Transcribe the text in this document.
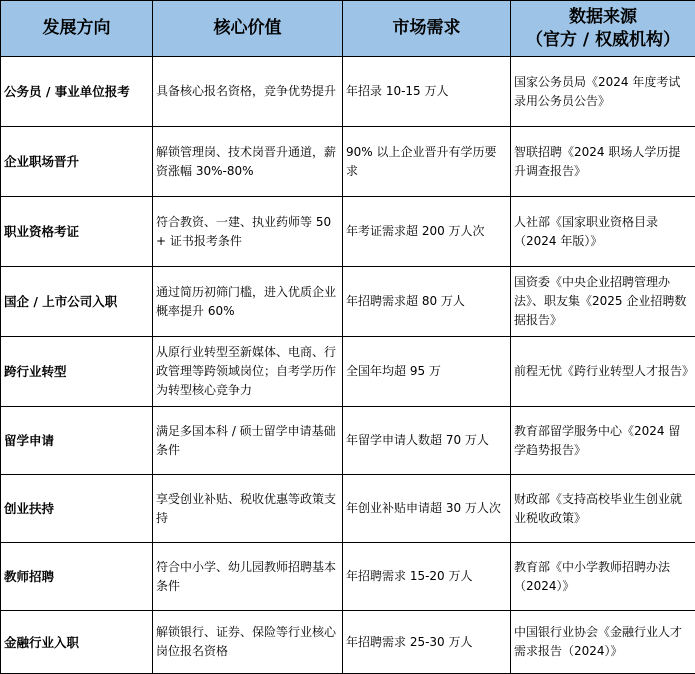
发展方向	核心价值	市场需求	数据来源
（官方 / 权威机构）

公务员 / 事业单位报考	具备核心报名资格，竞争优势提升	年招录 10-15 万人	国家公务员局《2024 年度考试录用公务员公告》
企业职场晋升	解锁管理岗、技术岗晋升通道，薪资涨幅 30%-80%	90% 以上企业晋升有学历要求	智联招聘《2024 职场人学历提升调查报告》
职业资格考证	符合教资、一建、执业药师等 50 + 证书报考条件	年考证需求超 200 万人次	人社部《国家职业资格目录（2024 年版）》
国企 / 上市公司入职	通过简历初筛门槛，进入优质企业概率提升 60%	年招聘需求超 80 万人	国资委《中央企业招聘管理办法》、职友集《2025 企业招聘数据报告》
跨行业转型	从原行业转型至新媒体、电商、行政管理等跨领域岗位；自考学历作为转型核心竞争力	全国年均超 95 万	前程无忧《跨行业转型人才报告》
留学申请	满足多国本科 / 硕士留学申请基础条件	年留学申请人数超 70 万人	教育部留学服务中心《2024 留学趋势报告》
创业扶持	享受创业补贴、税收优惠等政策支持	年创业补贴申请超 30 万人次	财政部《支持高校毕业生创业就业税收政策》
教师招聘	符合中小学、幼儿园教师招聘基本条件	年招聘需求 15-20 万人	教育部《中小学教师招聘办法（2024）》
金融行业入职	解锁银行、证券、保险等行业核心岗位报名资格	年招聘需求 25-30 万人	中国银行业协会《金融行业人才需求报告（2024）》
